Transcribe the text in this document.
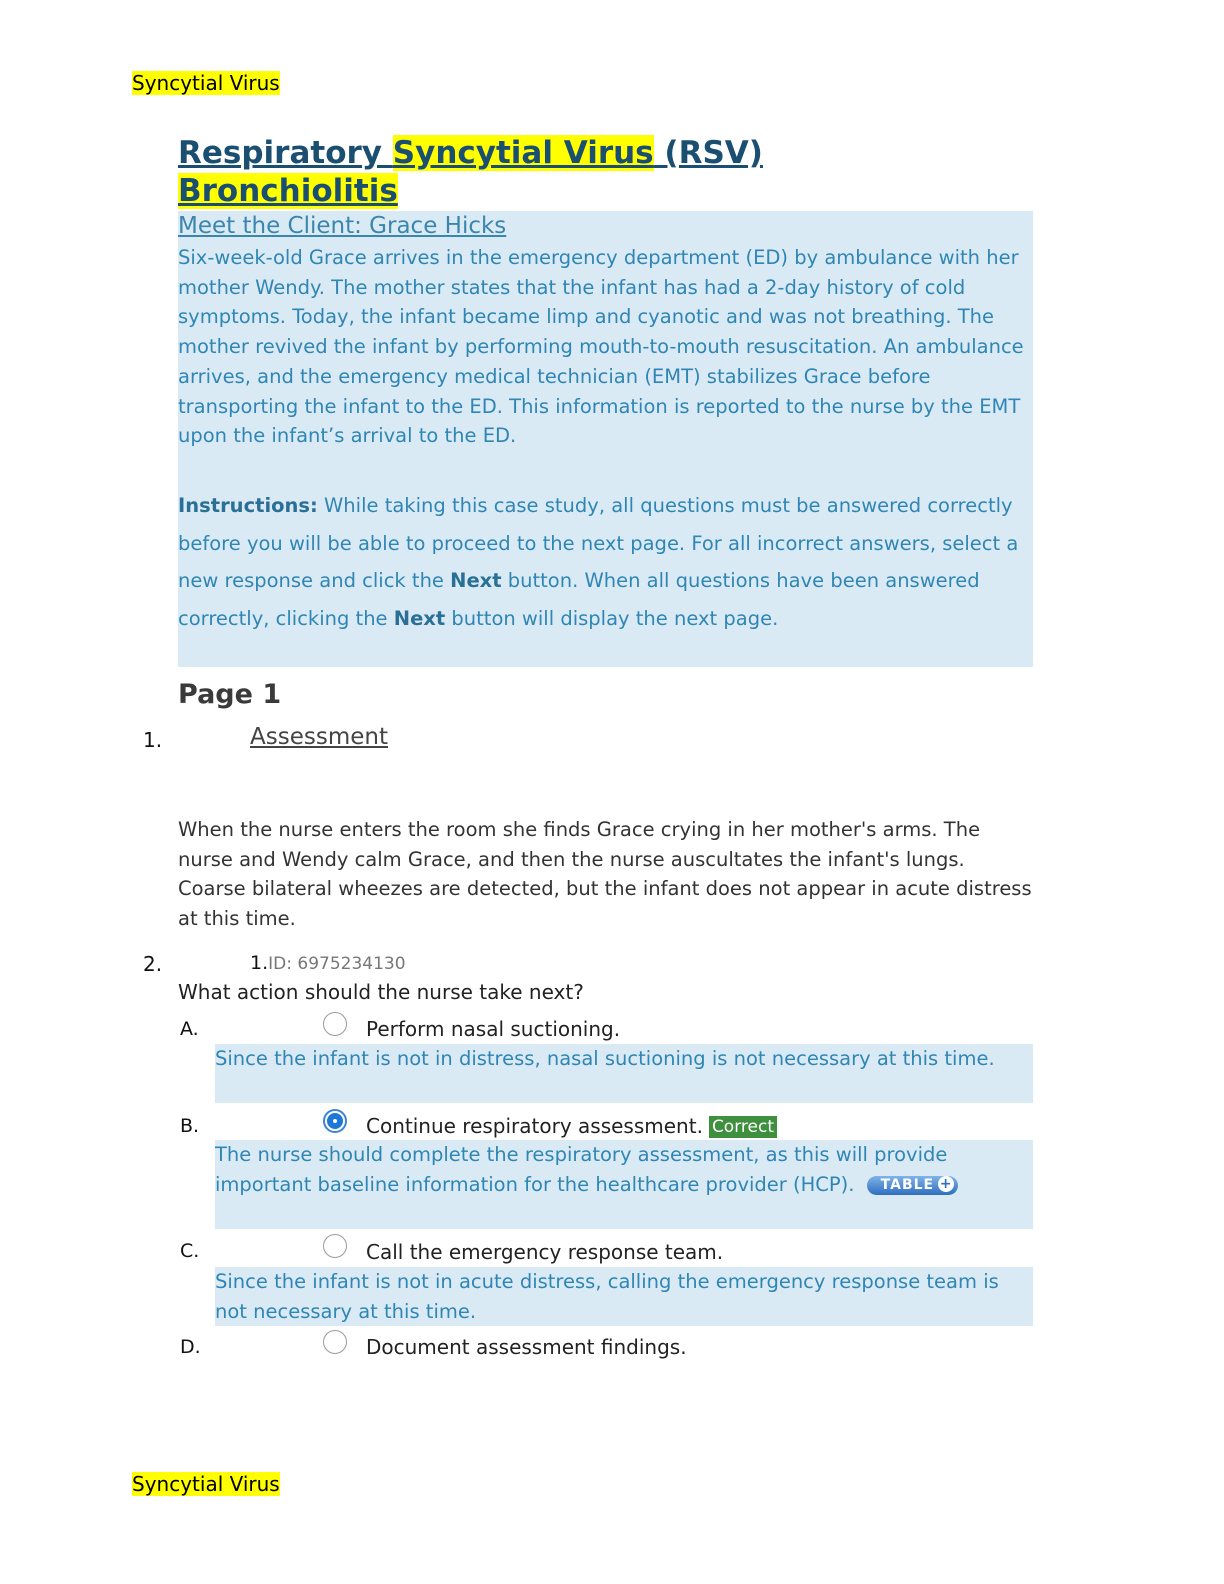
Syncytial Virus
Respiratory Syncytial Virus (RSV)
Bronchiolitis
Meet the Client: Grace Hicks
Six-week-old Grace arrives in the emergency department (ED) by ambulance with her mother Wendy. The mother states that the infant has had a 2-day history of cold symptoms. Today, the infant became limp and cyanotic and was not breathing. The mother revived the infant by performing mouth-to-mouth resuscitation. An ambulance arrives, and the emergency medical technician (EMT) stabilizes Grace before transporting the infant to the ED. This information is reported to the nurse by the EMT upon the infant’s arrival to the ED.
Instructions: While taking this case study, all questions must be answered correctly before you will be able to proceed to the next page. For all incorrect answers, select a new response and click the Next button. When all questions have been answered correctly, clicking the Next button will display the next page.
Page 1
1.	Assessment
When the nurse enters the room she finds Grace crying in her mother's arms. The nurse and Wendy calm Grace, and then the nurse auscultates the infant's lungs. Coarse bilateral wheezes are detected, but the infant does not appear in acute distress at this time.
2.	1.ID: 6975234130
What action should the nurse take next?
A.	Perform nasal suctioning.
Since the infant is not in distress, nasal suctioning is not necessary at this time.
B.	Continue respiratory assessment. Correct
The nurse should complete the respiratory assessment, as this will provide important baseline information for the healthcare provider (HCP). TABLE +
C.	Call the emergency response team.
Since the infant is not in acute distress, calling the emergency response team is not necessary at this time.
D.	Document assessment findings.
Syncytial Virus
